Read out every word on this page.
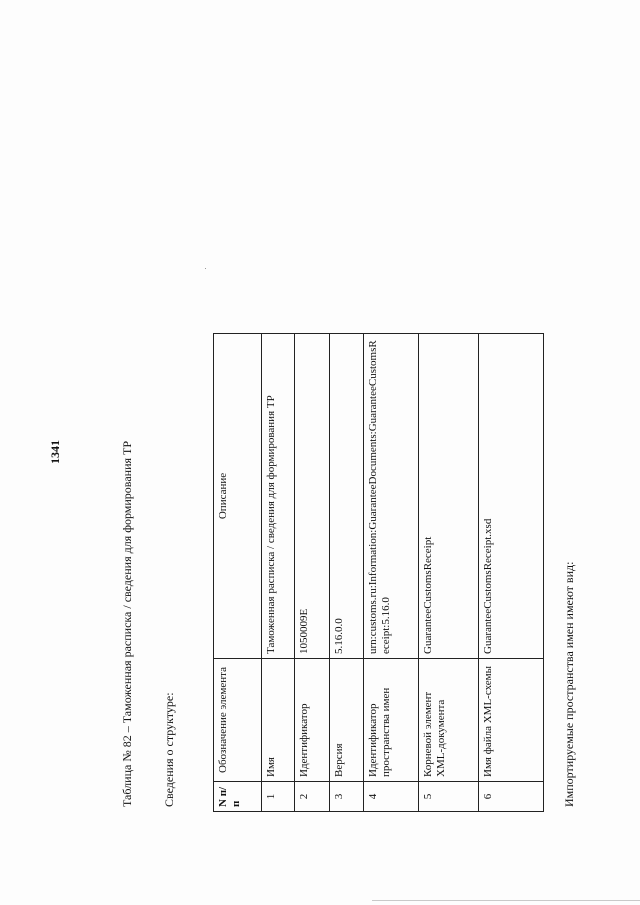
1341	Таблица № 82 – Таможенная расписка / сведения для формирования ТР Сведения о структуре:	N п/п	Обозначение элемента	Описание
1	Имя	Таможенная расписка / сведения для формирования ТР
2	Идентификатор	1050009E
3	Версия	5.16.0.0
4	Идентификатор пространства имен	urn:customs.ru:Information:GuaranteeDocuments:GuaranteeCustomsReceipt:5.16.0
5	Корневой элемент XML-документа	GuaranteeCustomsReceipt
6	Имя файла XML-схемы	GuaranteeCustomsReceipt.xsd	Импортируемые пространства имен имеют вид:
